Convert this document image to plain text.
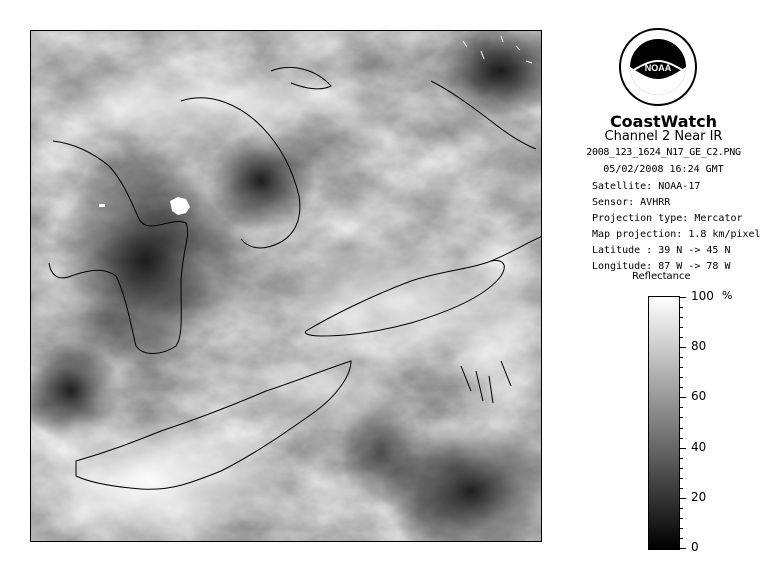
NOAA
CoastWatch
Channel 2 Near IR
2008_123_1624_N17_GE_C2.PNG
05/02/2008 16:24 GMT
Satellite: NOAA-17
Sensor: AVHRR
Projection type: Mercator
Map projection: 1.8 km/pixel
Latitude : 39 N -> 45 N
Longitude: 87 W -> 78 W
Reflectance
%
100
80
60
40
20
0
